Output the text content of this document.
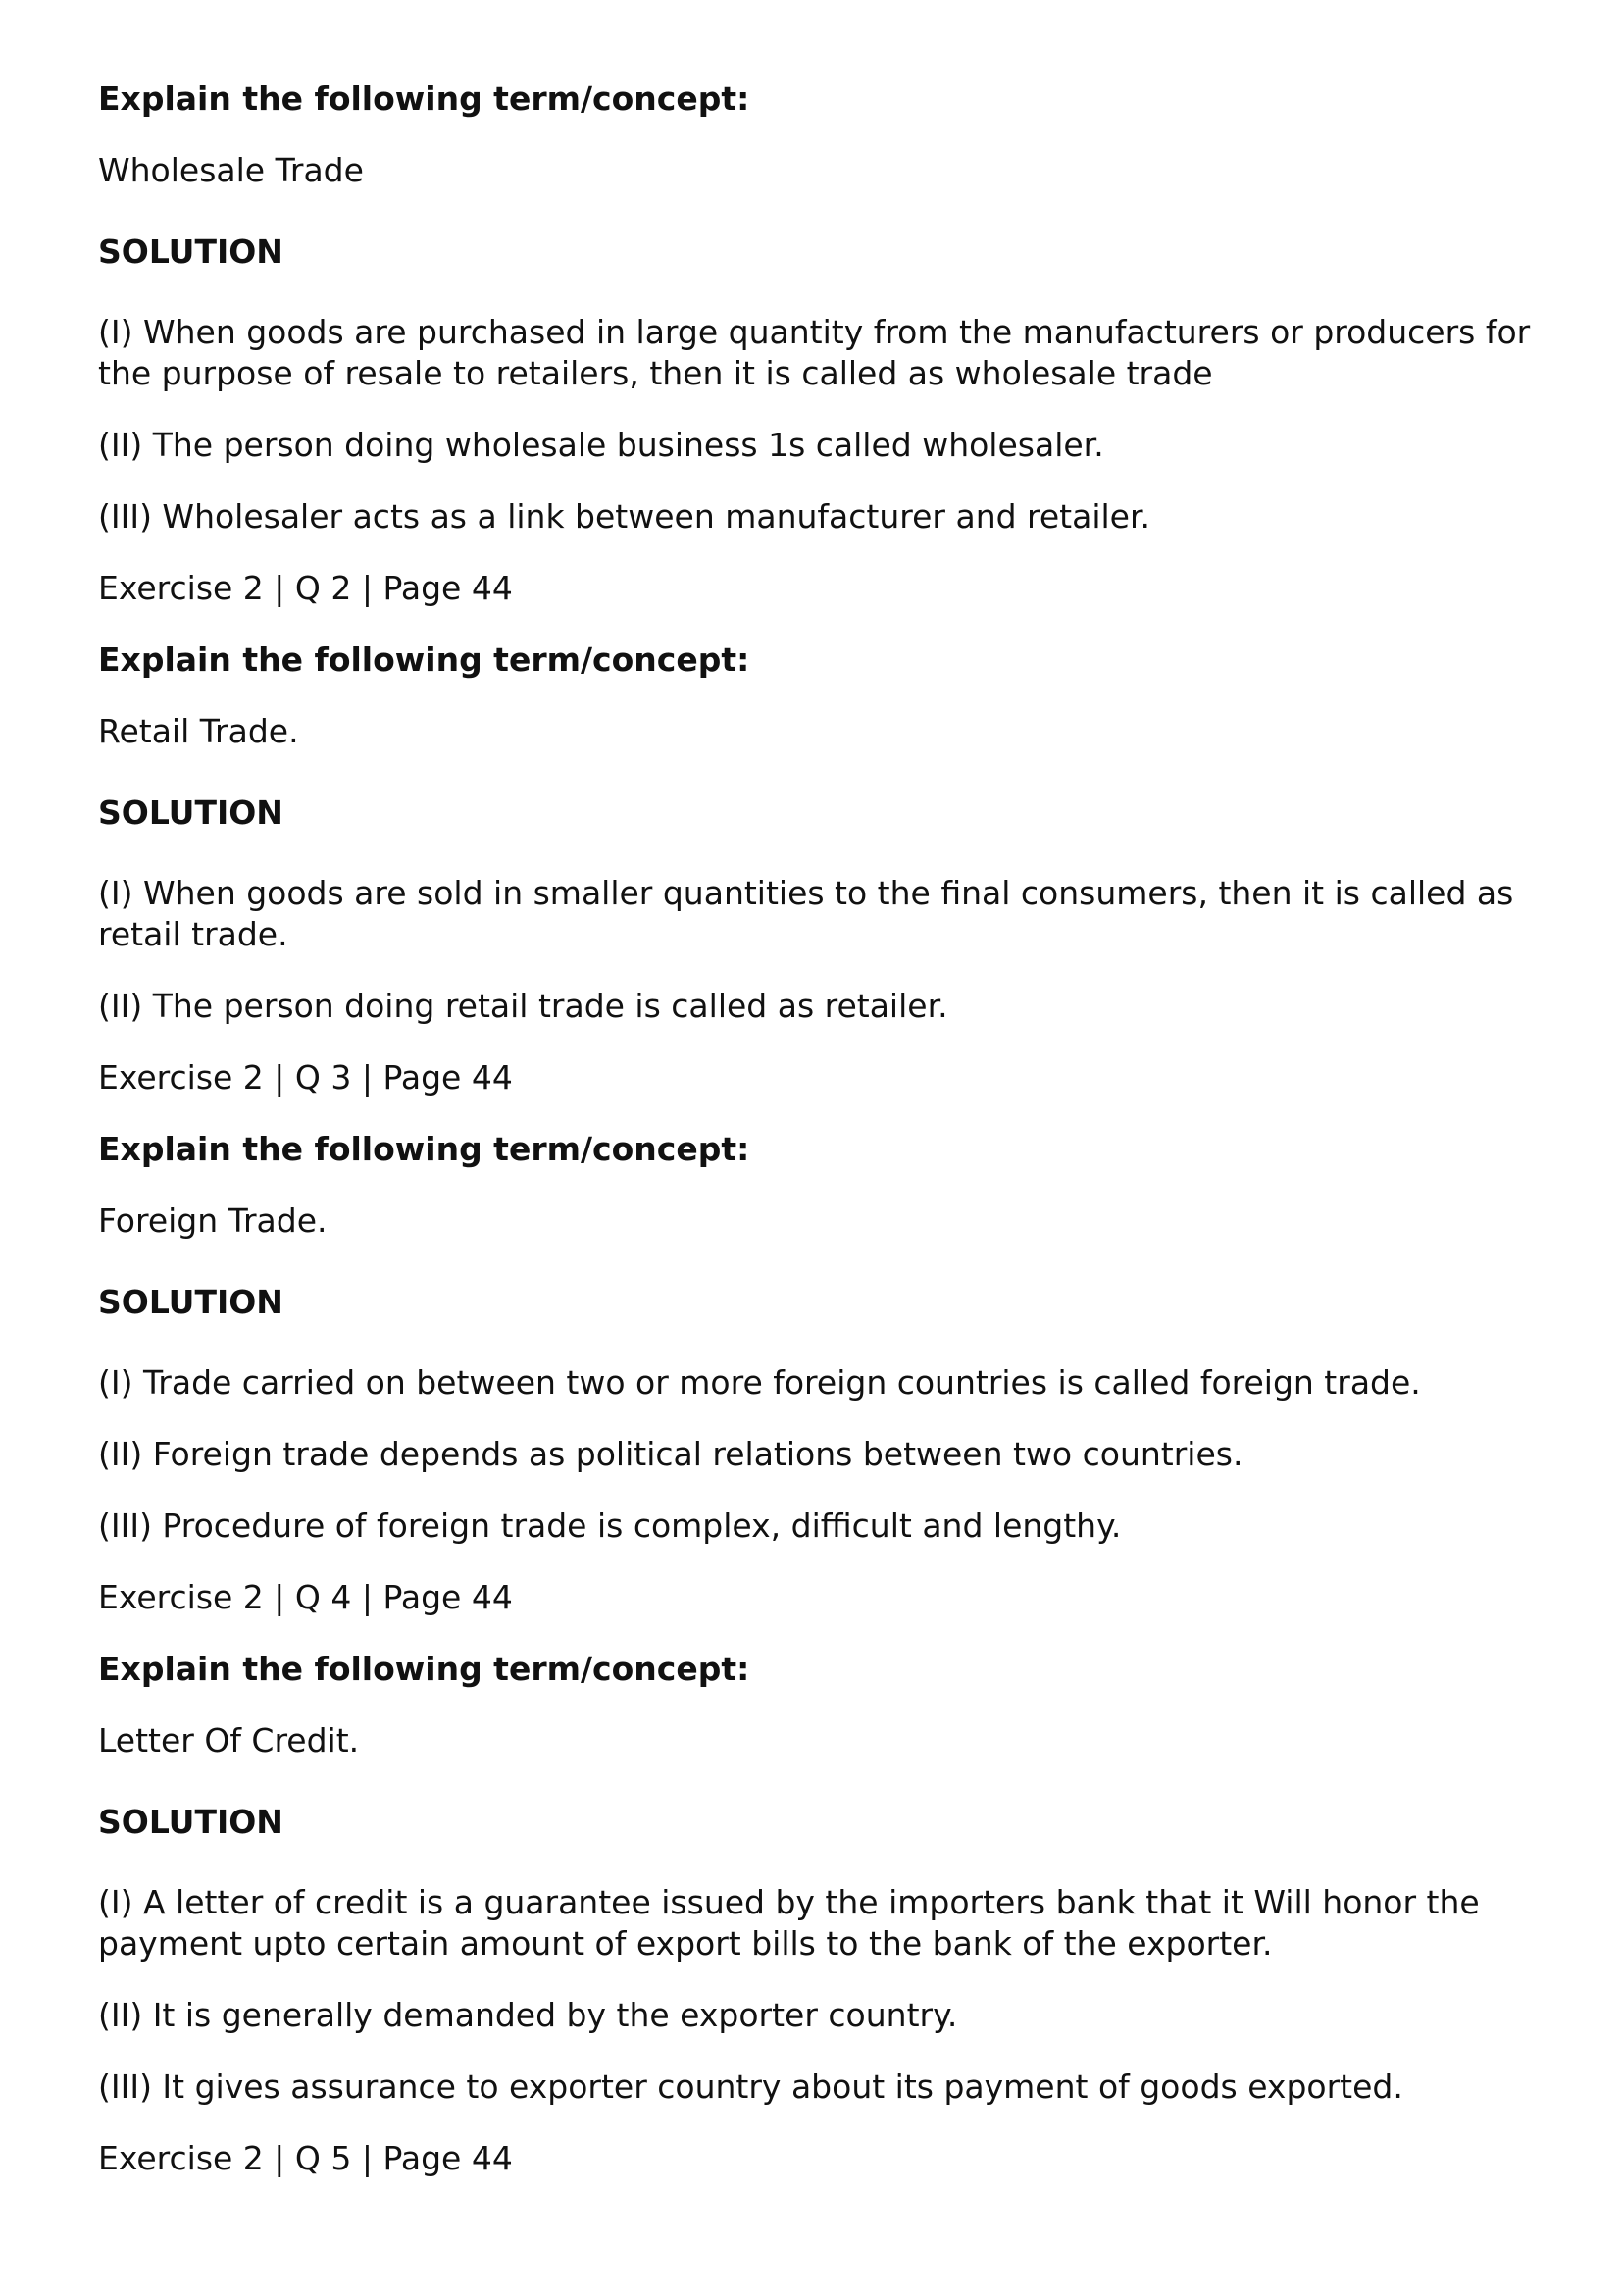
Explain the following term/concept:
Wholesale Trade
SOLUTION
(I) When goods are purchased in large quantity from the manufacturers or producers for the purpose of resale to retailers, then it is called as wholesale trade
(II) The person doing wholesale business 1s called wholesaler.
(III) Wholesaler acts as a link between manufacturer and retailer.
Exercise 2 | Q 2 | Page 44
Explain the following term/concept:
Retail Trade.
SOLUTION
(I) When goods are sold in smaller quantities to the final consumers, then it is called as retail trade.
(II) The person doing retail trade is called as retailer.
Exercise 2 | Q 3 | Page 44
Explain the following term/concept:
Foreign Trade.
SOLUTION
(I) Trade carried on between two or more foreign countries is called foreign trade.
(II) Foreign trade depends as political relations between two countries.
(III) Procedure of foreign trade is complex, difficult and lengthy.
Exercise 2 | Q 4 | Page 44
Explain the following term/concept:
Letter Of Credit.
SOLUTION
(I) A letter of credit is a guarantee issued by the importers bank that it Will honor the payment upto certain amount of export bills to the bank of the exporter.
(II) It is generally demanded by the exporter country.
(III) It gives assurance to exporter country about its payment of goods exported.
Exercise 2 | Q 5 | Page 44
